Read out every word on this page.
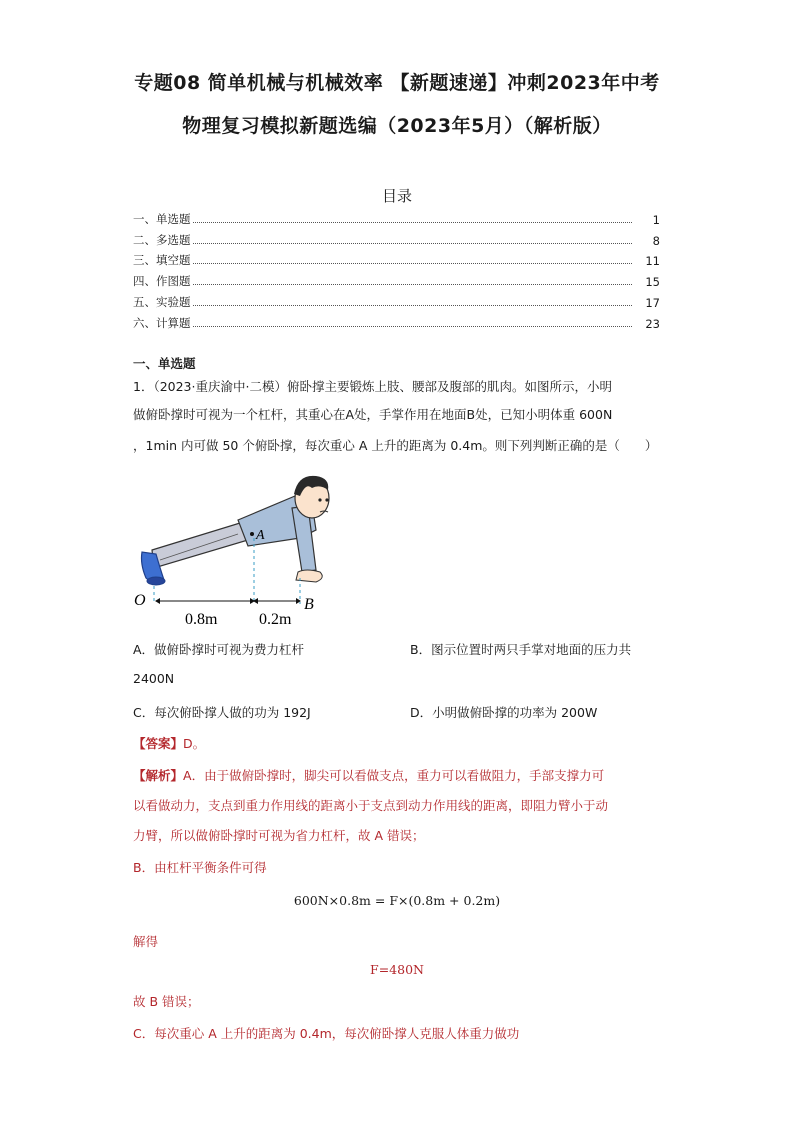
专题08 简单机械与机械效率 【新题速递】冲刺2023年中考
物理复习模拟新题选编（2023年5月）（解析版）
目录
一、单选题	1
二、多选题	8
三、填空题	11
四、作图题	15
五、实验题	17
六、计算题	23
一、单选题
1．（2023·重庆渝中·二模）俯卧撑主要锻炼上肢、腰部及腹部的肌肉。如图所示，小明
做俯卧撑时可视为一个杠杆，其重心在A处，手掌作用在地面B处，已知小明体重 600N
，1min 内可做 50 个俯卧撑，每次重心 A 上升的距离为 0.4m。则下列判断正确的是（　　）
A
O	B
0.8m	0.2m
A．做俯卧撑时可视为费力杠杆	B．图示位置时两只手掌对地面的压力共
2400N
C．每次俯卧撑人做的功为 192J	D．小明做俯卧撑的功率为 200W
【答案】D。
【解析】A．由于做俯卧撑时，脚尖可以看做支点，重力可以看做阻力，手部支撑力可
以看做动力，支点到重力作用线的距离小于支点到动力作用线的距离，即阻力臂小于动
力臂，所以做俯卧撑时可视为省力杠杆，故 A 错误；
B．由杠杆平衡条件可得
600N×0.8m = F×(0.8m + 0.2m)
解得
F=480N
故 B 错误；
C．每次重心 A 上升的距离为 0.4m，每次俯卧撑人克服人体重力做功
